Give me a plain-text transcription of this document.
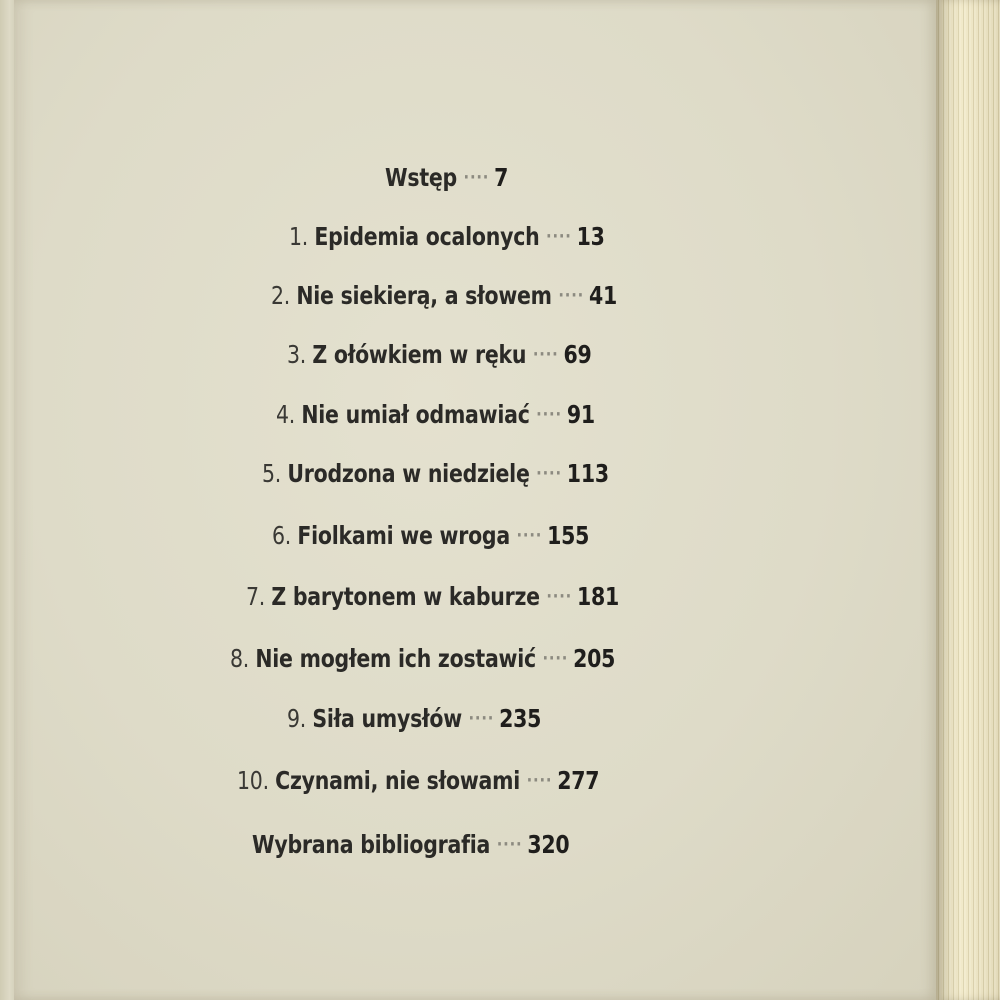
Wstęp ···· 7
1. Epidemia ocalonych ···· 13
2. Nie siekierą, a słowem ···· 41
3. Z ołówkiem w ręku ···· 69
4. Nie umiał odmawiać ···· 91
5. Urodzona w niedzielę ···· 113
6. Fiolkami we wroga ···· 155
7. Z barytonem w kaburze ···· 181
8. Nie mogłem ich zostawić ···· 205
9. Siła umysłów ···· 235
10. Czynami, nie słowami ···· 277
Wybrana bibliografia ···· 320
